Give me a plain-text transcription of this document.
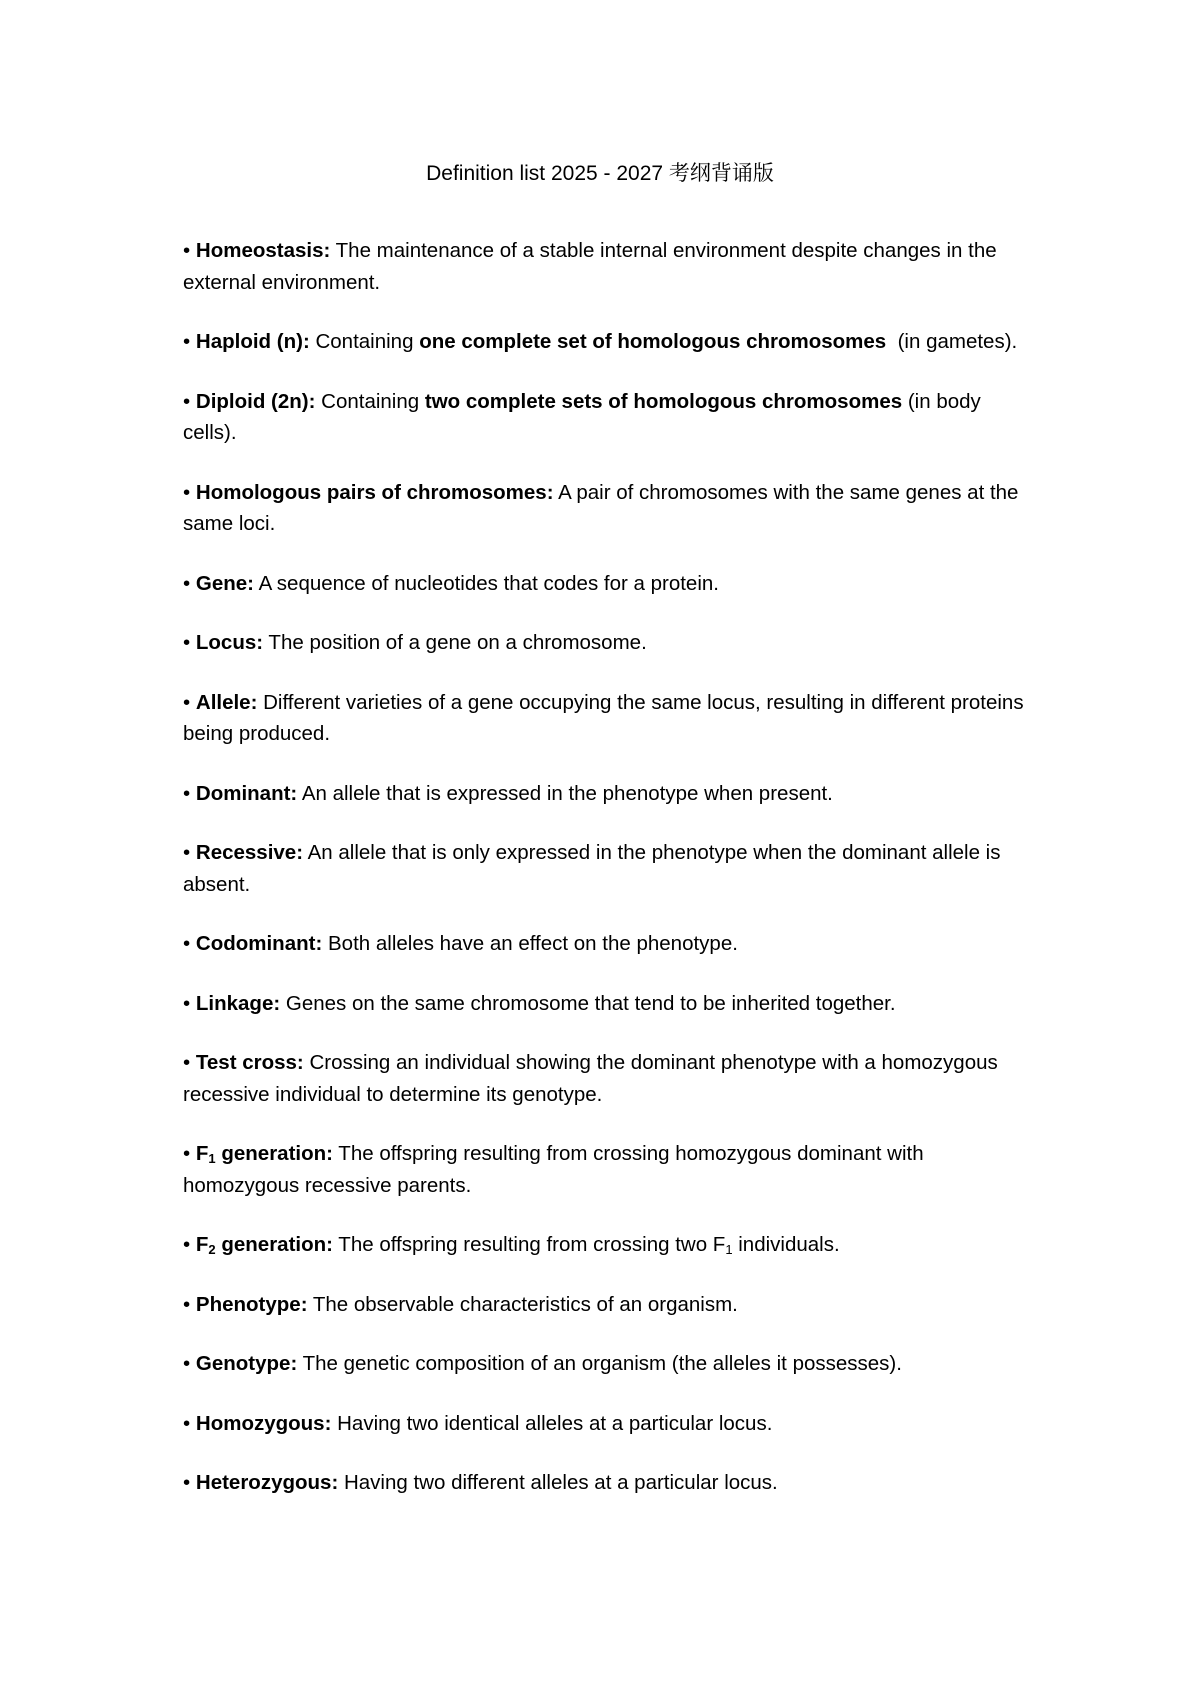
Definition list 2025 - 2027 考纲背诵版
• Homeostasis: The maintenance of a stable internal environment despite changes in the external environment.
• Haploid (n): Containing one complete set of homologous chromosomes  (in gametes).
• Diploid (2n): Containing two complete sets of homologous chromosomes (in body cells).
• Homologous pairs of chromosomes: A pair of chromosomes with the same genes at the same loci.
• Gene: A sequence of nucleotides that codes for a protein.
• Locus: The position of a gene on a chromosome.
• Allele: Different varieties of a gene occupying the same locus, resulting in different proteins being produced.
• Dominant: An allele that is expressed in the phenotype when present.
• Recessive: An allele that is only expressed in the phenotype when the dominant allele is absent.
• Codominant: Both alleles have an effect on the phenotype.
• Linkage: Genes on the same chromosome that tend to be inherited together.
• Test cross: Crossing an individual showing the dominant phenotype with a homozygous recessive individual to determine its genotype.
• $F_1$ generation: The offspring resulting from crossing homozygous dominant with homozygous recessive parents.
• $F_2$ generation: The offspring resulting from crossing two $F_1$ individuals.
• Phenotype: The observable characteristics of an organism.
• Genotype: The genetic composition of an organism (the alleles it possesses).
• Homozygous: Having two identical alleles at a particular locus.
• Heterozygous: Having two different alleles at a particular locus.
